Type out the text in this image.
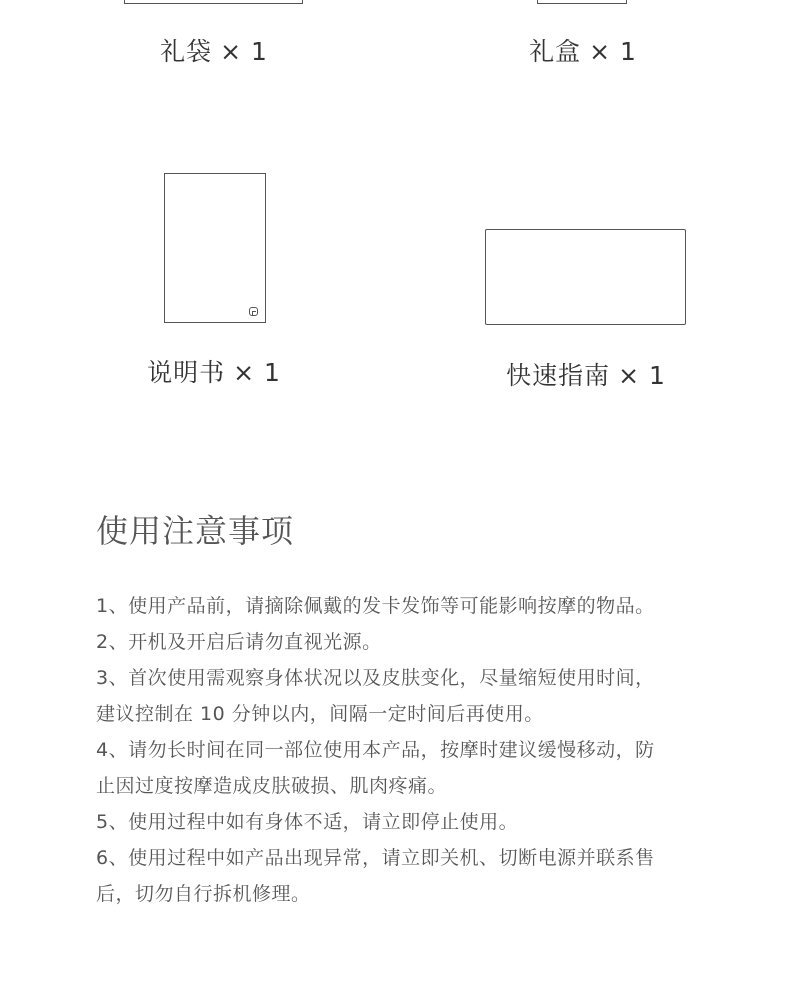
礼袋 × 1	礼盒 × 1
说明书 × 1	快速指南 × 1
使用注意事项
1、使用产品前，请摘除佩戴的发卡发饰等可能影响按摩的物品。
2、开机及开启后请勿直视光源。
3、首次使用需观察身体状况以及皮肤变化，尽量缩短使用时间，
建议控制在 10 分钟以内，间隔一定时间后再使用。
4、请勿长时间在同一部位使用本产品，按摩时建议缓慢移动，防
止因过度按摩造成皮肤破损、肌肉疼痛。
5、使用过程中如有身体不适，请立即停止使用。
6、使用过程中如产品出现异常，请立即关机、切断电源并联系售
后，切勿自行拆机修理。
